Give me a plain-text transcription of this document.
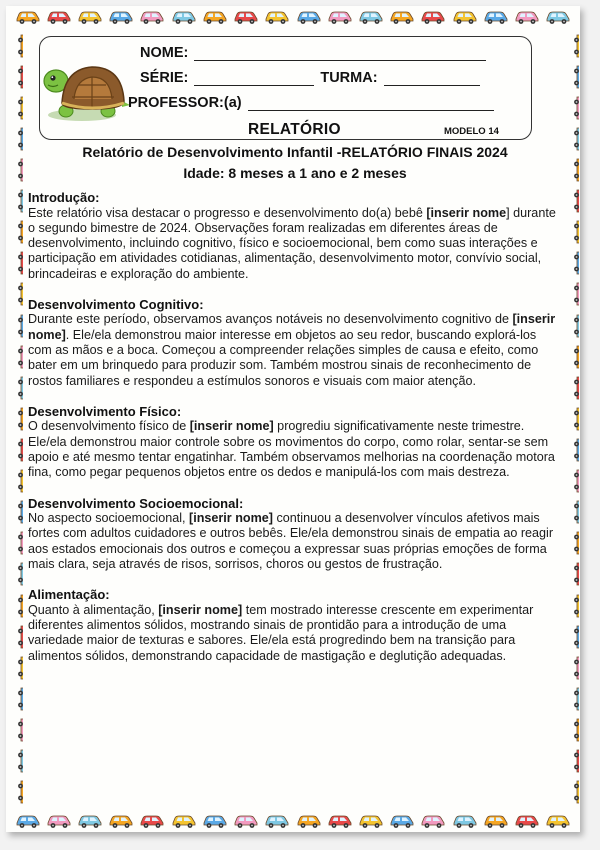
NOME:
SÉRIE:	TURMA:
PROFESSOR:(a)
RELATÓRIO	MODELO 14
Relatório de Desenvolvimento Infantil -RELATÓRIO FINAIS 2024
Idade: 8 meses a 1 ano e 2 meses
Introdução:

Este relatório visa destacar o progresso e desenvolvimento do(a) bebê [inserir nome] durante o segundo bimestre de 2024. Observações foram realizadas em diferentes áreas de desenvolvimento, incluindo cognitivo, físico e socioemocional, bem como suas interações e participação em atividades cotidianas, alimentação, desenvolvimento motor, convívio social, brincadeiras e exploração do ambiente.

Desenvolvimento Cognitivo:

Durante este período, observamos avanços notáveis no desenvolvimento cognitivo de [inserir nome]. Ele/ela demonstrou maior interesse em objetos ao seu redor, buscando explorá-los com as mãos e a boca. Começou a compreender relações simples de causa e efeito, como bater em um brinquedo para produzir som. Também mostrou sinais de reconhecimento de rostos familiares e respondeu a estímulos sonoros e visuais com maior atenção.

Desenvolvimento Físico:

O desenvolvimento físico de [inserir nome] progrediu significativamente neste trimestre. Ele/ela demonstrou maior controle sobre os movimentos do corpo, como rolar, sentar-se sem apoio e até mesmo tentar engatinhar. Também observamos melhorias na coordenação motora fina, como pegar pequenos objetos entre os dedos e manipulá-los com mais destreza.

Desenvolvimento Socioemocional:

No aspecto socioemocional, [inserir nome] continuou a desenvolver vínculos afetivos mais fortes com adultos cuidadores e outros bebês. Ele/ela demonstrou sinais de empatia ao reagir aos estados emocionais dos outros e começou a expressar suas próprias emoções de forma mais clara, seja através de risos, sorrisos, choros ou gestos de frustração.

Alimentação:

Quanto à alimentação, [inserir nome] tem mostrado interesse crescente em experimentar diferentes alimentos sólidos, mostrando sinais de prontidão para a introdução de uma variedade maior de texturas e sabores. Ele/ela está progredindo bem na transição para alimentos sólidos, demonstrando capacidade de mastigação e deglutição adequadas.
